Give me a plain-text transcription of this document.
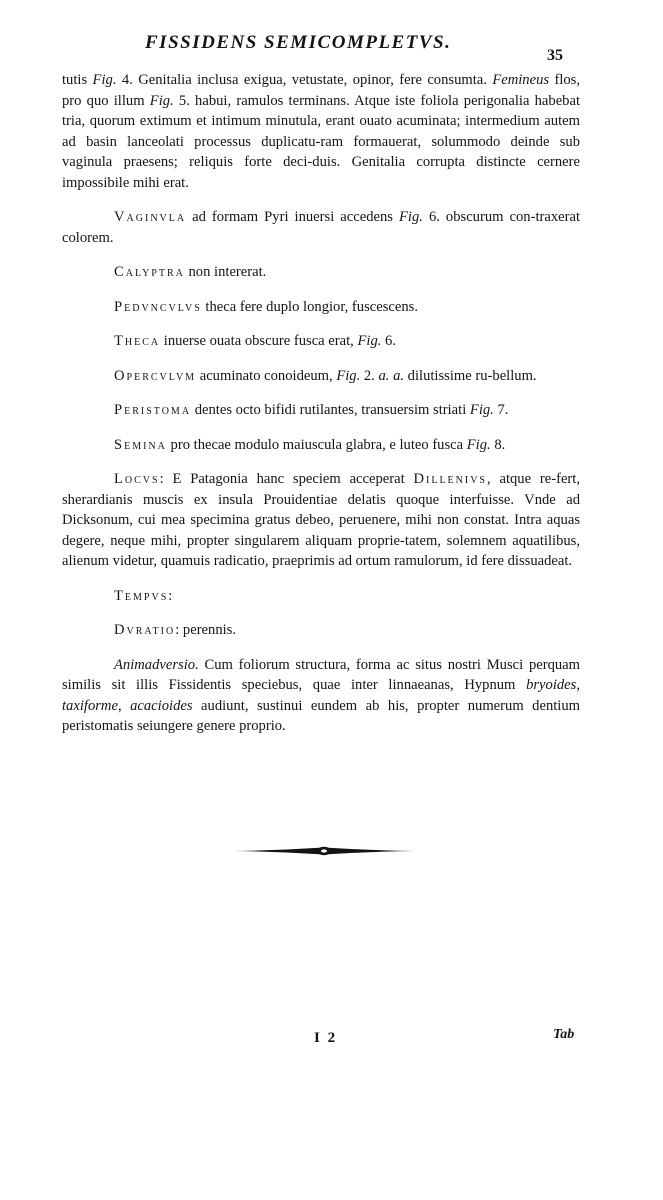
FISSIDENS SEMICOMPLETVS.
35

tutis Fig. 4. Genitalia inclusa exigua, vetustate, opinor, fere consumta. Femineus flos, pro quo illum Fig. 5. habui, ramulos terminans. Atque iste foliola perigonalia habebat tria, quorum extimum et intimum minutula, erant ouato acuminata; intermedium autem ad basin lanceolati processus duplicatu-ram formauerat, solummodo deinde sub vaginula praesens; reliquis forte deci-duis. Genitalia corrupta distincte cernere impossibile mihi erat.

Vaginvla ad formam Pyri inuersi accedens Fig. 6. obscurum con-traxerat colorem.

Calyptra non intererat.

Pedvncvlvs theca fere duplo longior, fuscescens.

Theca inuerse ouata obscure fusca erat, Fig. 6.

Opercvlvm acuminato conoideum, Fig. 2. a. a. dilutissime ru-bellum.

Peristoma dentes octo bifidi rutilantes, transuersim striati Fig. 7.

Semina pro thecae modulo maiuscula glabra, e luteo fusca Fig. 8.

Locvs: E Patagonia hanc speciem acceperat Dillenivs, atque re-fert, sherardianis muscis ex insula Prouidentiae delatis quoque interfuisse. Vnde ad Dicksonum, cui mea specimina gratus debeo, peruenere, mihi non constat. Intra aquas degere, neque mihi, propter singularem aliquam proprie-tatem, solemnem aquatilibus, alienum videtur, quamuis radicatio, praeprimis ad ortum ramulorum, id fere dissuadeat.

Tempvs:

Dvratio: perennis.

Animadversio. Cum foliorum structura, forma ac situs nostri Musci perquam similis sit illis Fissidentis speciebus, quae inter linnaeanas, Hypnum bryoides, taxiforme, acacioides audiunt, sustinui eundem ab his, propter numerum dentium peristomatis seiungere genere proprio.

I 2	Tab
